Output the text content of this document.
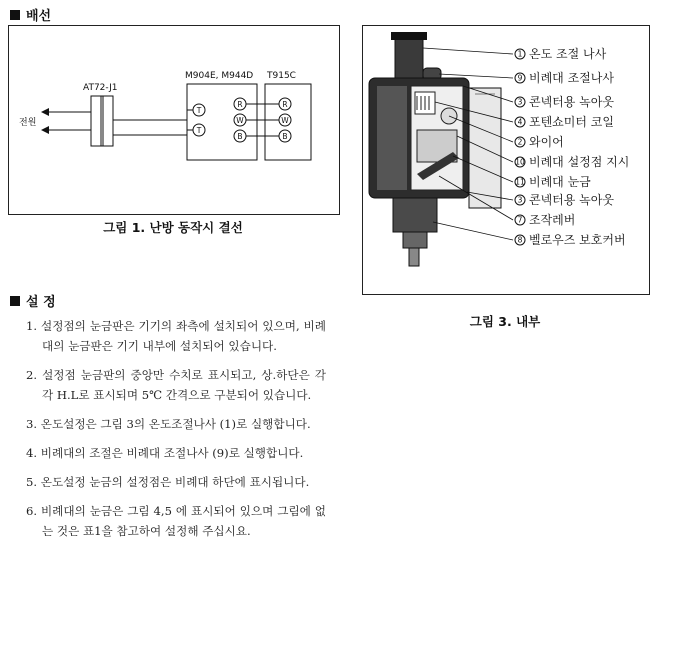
배선
전원
AT72-J1
M904E, M944D
T
T
R
W
B
T915C
R
W
B
그림 1. 난방 동작시 결선
1 온도 조절 나사
9 비례대 조절나사
3 콘넥터용 녹아웃
4 포텐쇼미터 코일
2 와이어
10 비례대 설정점 지시
11 비례대 눈금
3 콘넥터용 녹아웃
7 조작레버
8 벨로우즈 보호커버
그림 3. 내부
설 정
1. 설정점의 눈금판은 기기의 좌측에 설치되어 있으며, 비례대의 눈금판은 기기 내부에 설치되어 있습니다.
2. 설정점 눈금판의 중앙만 수치로 표시되고, 상.하단은 각각 H.L로 표시되며 5℃ 간격으로 구분되어 있습니다.
3. 온도설정은 그림 3의 온도조절나사 (1)로 실행합니다.
4. 비례대의 조절은 비례대 조절나사 (9)로 실행합니다.
5. 온도설정 눈금의 설정점은 비례대 하단에 표시됩니다.
6. 비례대의 눈금은 그림 4,5 에 표시되어 있으며 그림에 없는 것은 표1을 참고하여 설정해 주십시요.
